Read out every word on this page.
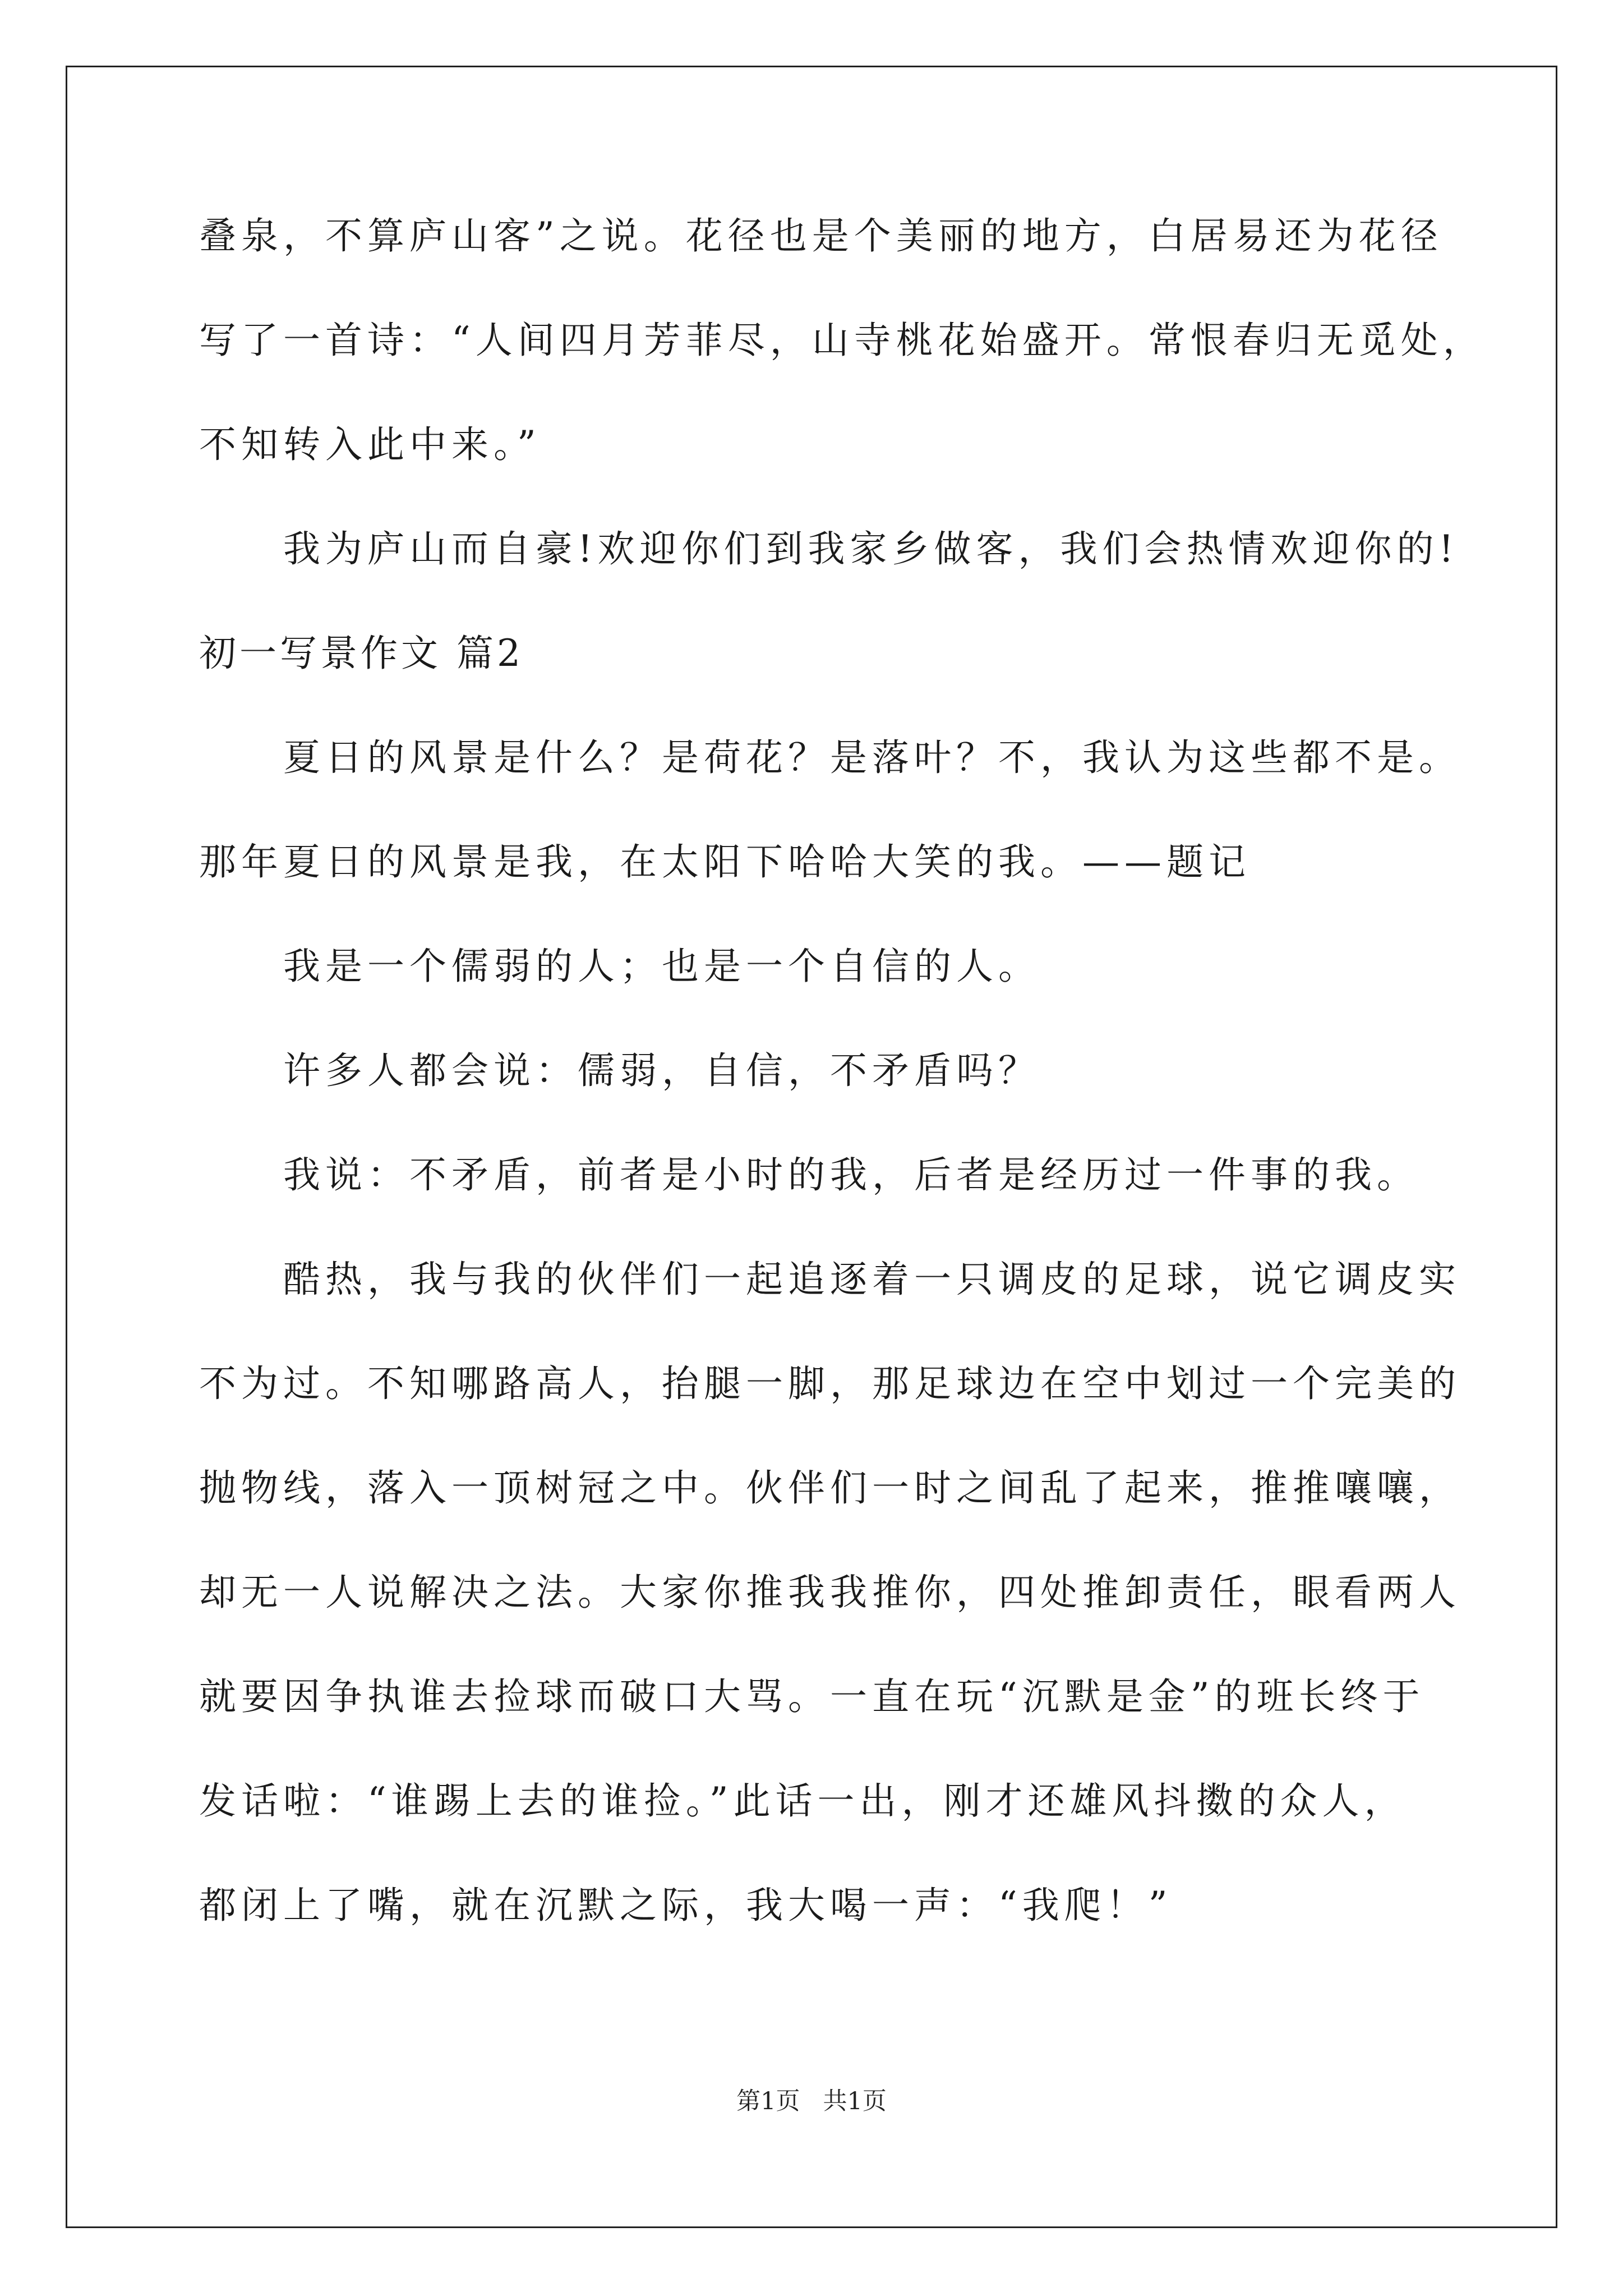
叠泉，不算庐山客”之说。花径也是个美丽的地方，白居易还为花径
写了一首诗：“人间四月芳菲尽，山寺桃花始盛开。常恨春归无觅处，
不知转入此中来。”
我为庐山而自豪!欢迎你们到我家乡做客，我们会热情欢迎你的!
初一写景作文 篇2
夏日的风景是什么？是荷花？是落叶？不，我认为这些都不是。
那年夏日的风景是我，在太阳下哈哈大笑的我。——题记
我是一个儒弱的人；也是一个自信的人。
许多人都会说：儒弱，自信，不矛盾吗？
我说：不矛盾，前者是小时的我，后者是经历过一件事的我。
酷热，我与我的伙伴们一起追逐着一只调皮的足球，说它调皮实
不为过。不知哪路高人，抬腿一脚，那足球边在空中划过一个完美的
抛物线，落入一顶树冠之中。伙伴们一时之间乱了起来，推推嚷嚷，
却无一人说解决之法。大家你推我我推你，四处推卸责任，眼看两人
就要因争执谁去捡球而破口大骂。一直在玩“沉默是金”的班长终于
发话啦：“谁踢上去的谁捡。”此话一出，刚才还雄风抖擞的众人，
都闭上了嘴，就在沉默之际，我大喝一声：“我爬！”
第1页   共1页
